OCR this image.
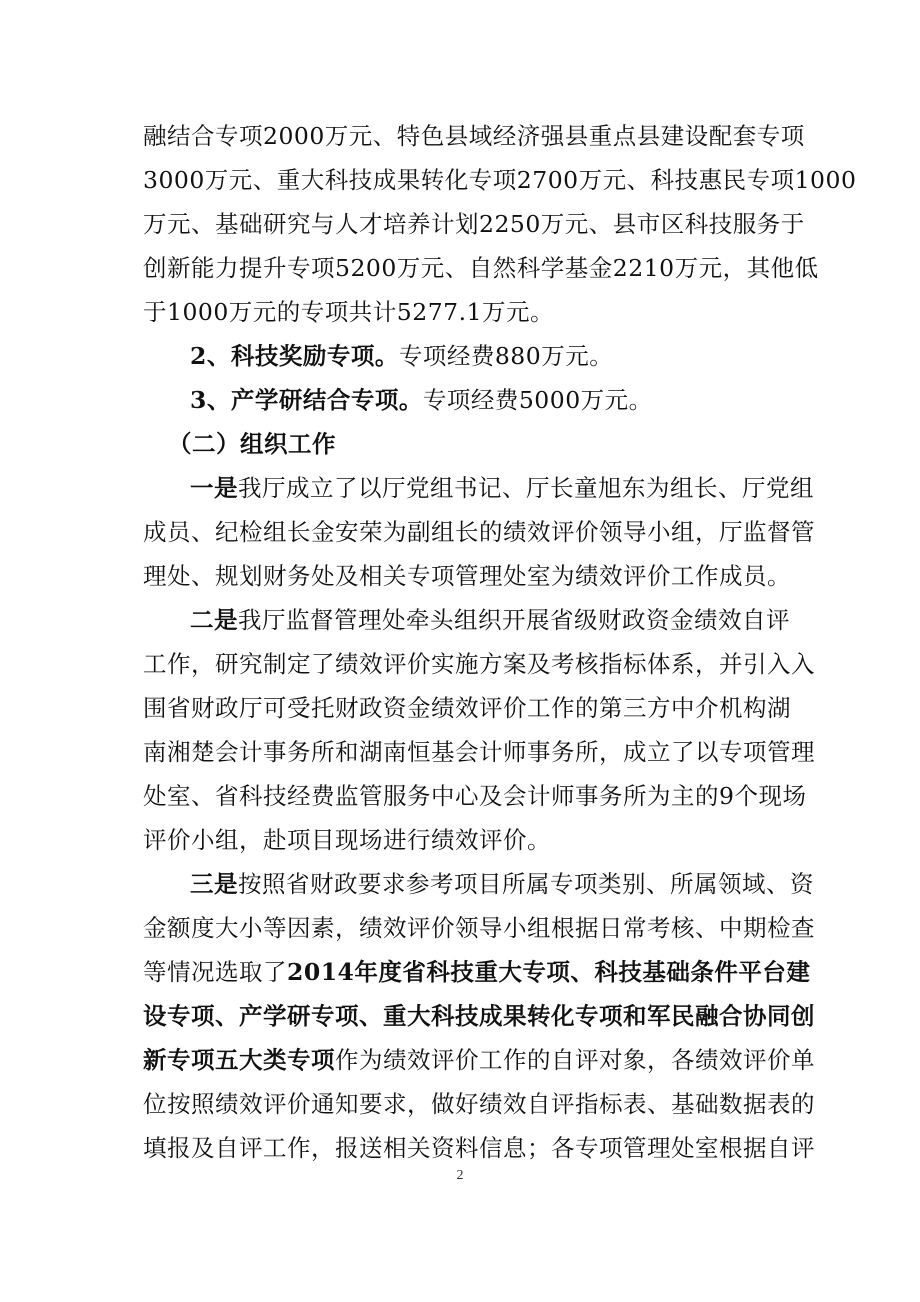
融结合专项2000万元、特色县域经济强县重点县建设配套专项
3000万元、重大科技成果转化专项2700万元、科技惠民专项1000
万元、基础研究与人才培养计划2250万元、县市区科技服务于
创新能力提升专项5200万元、自然科学基金2210万元，其他低
于1000万元的专项共计5277.1万元。
2、科技奖励专项。专项经费880万元。
3、产学研结合专项。专项经费5000万元。
（二）组织工作
一是我厅成立了以厅党组书记、厅长童旭东为组长、厅党组
成员、纪检组长金安荣为副组长的绩效评价领导小组，厅监督管
理处、规划财务处及相关专项管理处室为绩效评价工作成员。
二是我厅监督管理处牵头组织开展省级财政资金绩效自评
工作，研究制定了绩效评价实施方案及考核指标体系，并引入入
围省财政厅可受托财政资金绩效评价工作的第三方中介机构湖
南湘楚会计事务所和湖南恒基会计师事务所，成立了以专项管理
处室、省科技经费监管服务中心及会计师事务所为主的9个现场
评价小组，赴项目现场进行绩效评价。
三是按照省财政要求参考项目所属专项类别、所属领域、资
金额度大小等因素，绩效评价领导小组根据日常考核、中期检查
等情况选取了2014年度省科技重大专项、科技基础条件平台建
设专项、产学研专项、重大科技成果转化专项和军民融合协同创
新专项五大类专项作为绩效评价工作的自评对象，各绩效评价单
位按照绩效评价通知要求，做好绩效自评指标表、基础数据表的
填报及自评工作，报送相关资料信息；各专项管理处室根据自评
2
